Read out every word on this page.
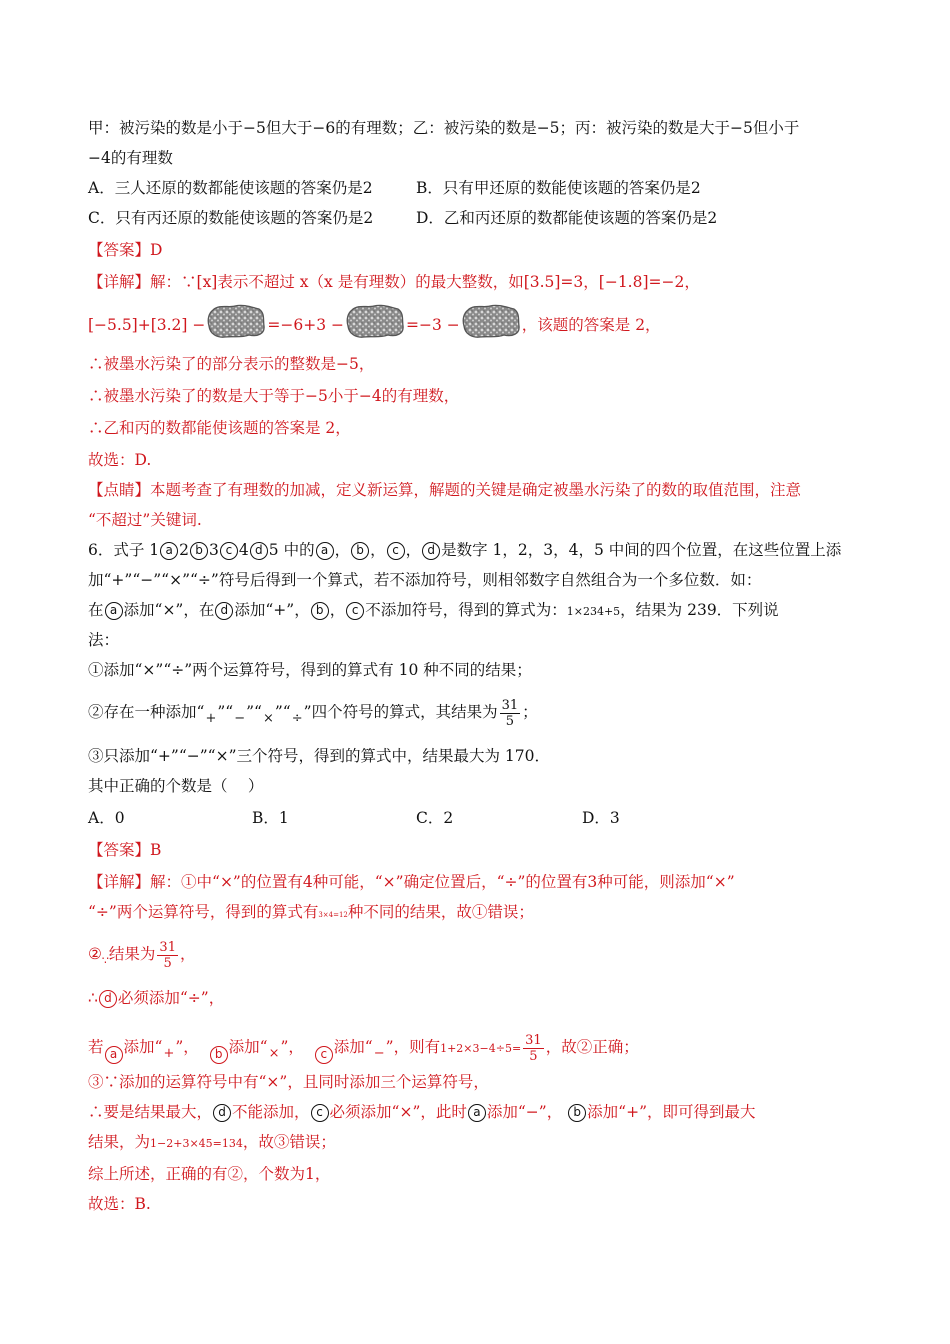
甲：被污染的数是小于−5但大于−6的有理数；乙：被污染的数是−5；丙：被污染的数是大于−5但小于
−4的有理数
A．三人还原的数都能使该题的答案仍是2	B．只有甲还原的数能使该题的答案仍是2
C．只有丙还原的数能使该题的答案仍是2	D．乙和丙还原的数都能使该题的答案仍是2
【答案】D
【详解】解：∵[x]表示不超过 x（x 是有理数）的最大整数，如[3.5]=3，[−1.8]=−2，
[−5.5]+[3.2] −	=−6+3 −	=−3 −	，该题的答案是 2，
∴被墨水污染了的部分表示的整数是−5，
∴被墨水污染了的数是大于等于−5小于−4的有理数，
∴乙和丙的数都能使该题的答案是 2，
故选：D.
【点睛】本题考查了有理数的加减，定义新运算，解题的关键是确定被墨水污染了的数的取值范围，注意
“不超过”关键词.
6．式子 1 a 2 b 3 c 4 d 5 中的 a ， b ， c ， d 是数字 1，2，3，4，5 中间的四个位置，在这些位置上添
加“+”“−”“×”“÷”符号后得到一个算式，若不添加符号，则相邻数字自然组合为一个多位数．如：
在 a 添加“×”，在 d 添加“+”， b ， c 不添加符号，得到的算式为：1×234+5，结果为 239．下列说
法：
①添加“×”“÷”两个运算符号，得到的算式有 10 种不同的结果；
②存在一种添加“
+ ”“
− ”“
× ”“
÷ ”四个符号的算式，其结果为 $\frac{31}{5}$ ；
③只添加“+”“−”“×”三个符号，得到的算式中，结果最大为 170．
其中正确的个数是（　 ）
A．0	B．1	C．2	D．3
【答案】B
【详解】解：①中“×”的位置有4种可能，“×”确定位置后，“÷”的位置有3种可能，则添加“×”
“÷”两个运算符号，得到的算式有3×4=12种不同的结果，故①错误；
$②_\because$结果为 $\frac{31}{5}$ ，
∴ d 必须添加“÷”，
若 a 添加“
+ ”， b 添加“
× ”， c 添加“
− ”，则有$1+2\times 3-4\div 5= \frac{31}{5}$ ，故②正确；
③∵添加的运算符号中有“×”，且同时添加三个运算符号，
∴要是结果最大， d 不能添加， c 必须添加“×”，此时 a 添加“−”， b 添加“+”，即可得到最大
结果，为1−2+3×45=134，故③错误；
综上所述，正确的有②，个数为1，
故选：B.
